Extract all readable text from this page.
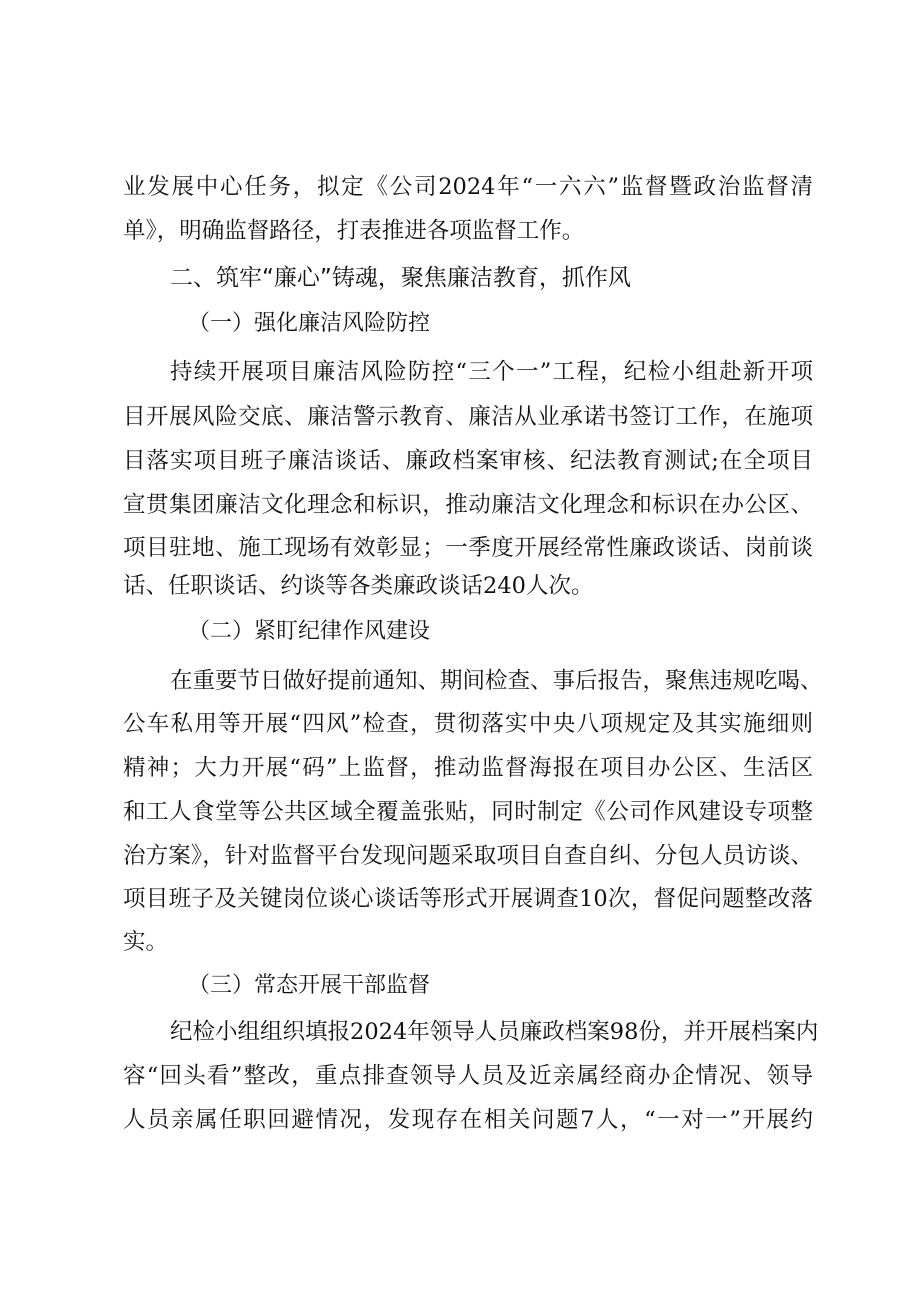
业发展中心任务，拟定《公司2024年“一六六”监督暨政治监督清
单》，明确监督路径，打表推进各项监督工作。
二、筑牢“廉心”铸魂，聚焦廉洁教育，抓作风
（一）强化廉洁风险防控
持续开展项目廉洁风险防控“三个一”工程，纪检小组赴新开项
目开展风险交底、廉洁警示教育、廉洁从业承诺书签订工作，在施项
目落实项目班子廉洁谈话、廉政档案审核、纪法教育测试;在全项目
宣贯集团廉洁文化理念和标识，推动廉洁文化理念和标识在办公区、
项目驻地、施工现场有效彰显；一季度开展经常性廉政谈话、岗前谈
话、任职谈话、约谈等各类廉政谈话240人次。
（二）紧盯纪律作风建设
在重要节日做好提前通知、期间检查、事后报告，聚焦违规吃喝、
公车私用等开展“四风”检查，贯彻落实中央八项规定及其实施细则
精神；大力开展“码”上监督，推动监督海报在项目办公区、生活区
和工人食堂等公共区域全覆盖张贴，同时制定《公司作风建设专项整
治方案》，针对监督平台发现问题采取项目自查自纠、分包人员访谈、
项目班子及关键岗位谈心谈话等形式开展调查10次，督促问题整改落
实。
（三）常态开展干部监督
纪检小组组织填报2024年领导人员廉政档案98份，并开展档案内
容“回头看”整改，重点排查领导人员及近亲属经商办企情况、领导
人员亲属任职回避情况，发现存在相关问题7人，“一对一”开展约
